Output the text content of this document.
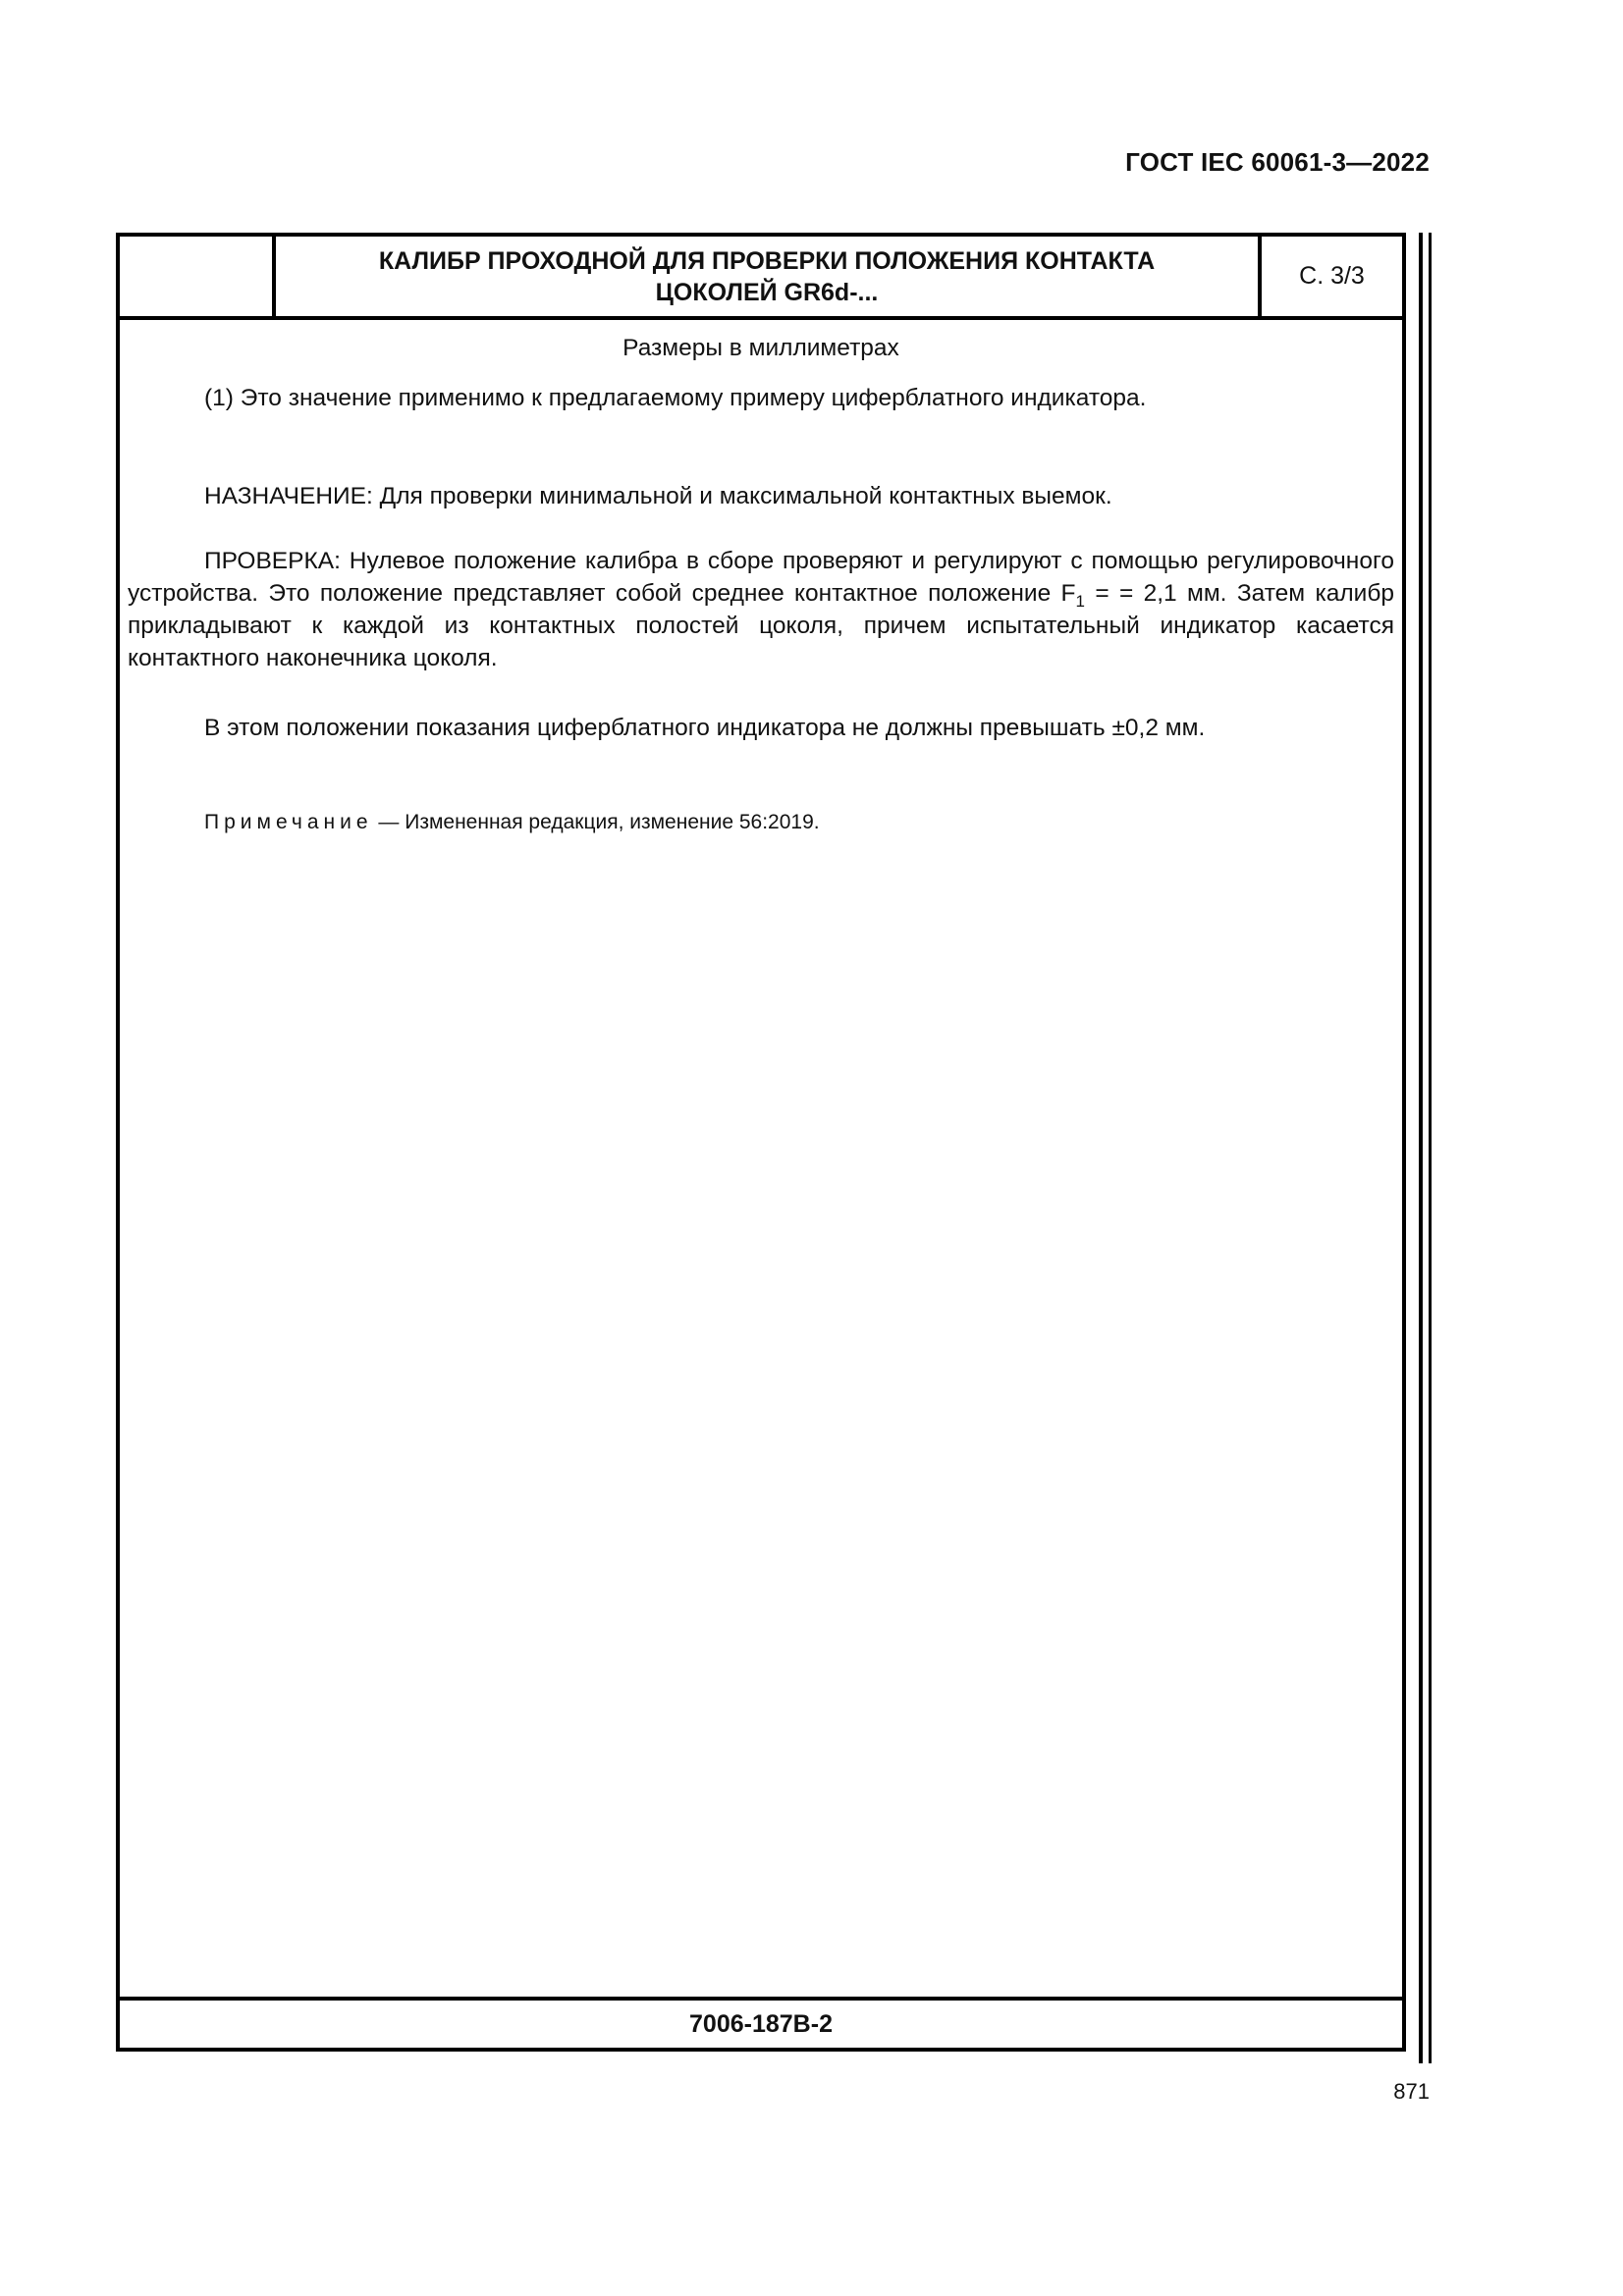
ГОСТ IEC 60061-3—2022
КАЛИБР ПРОХОДНОЙ ДЛЯ ПРОВЕРКИ ПОЛОЖЕНИЯ КОНТАКТА
ЦОКОЛЕЙ GR6d-...
С. 3/3
Размеры в миллиметрах
(1) Это значение применимо к предлагаемому примеру циферблатного индикатора.
НАЗНАЧЕНИЕ: Для проверки минимальной и максимальной контактных выемок.
ПРОВЕРКА: Нулевое положение калибра в сборе проверяют и регулируют с помощью регулировочного устройства. Это положение представляет собой среднее контактное положение $F_1$ = = 2,1 мм. Затем калибр прикладывают к каждой из контактных полостей цоколя, причем испытательный индикатор касается контактного наконечника цоколя.
В этом положении показания циферблатного индикатора не должны превышать ±0,2 мм.
Примечание — Измененная редакция, изменение 56:2019.
7006-187B-2
871
